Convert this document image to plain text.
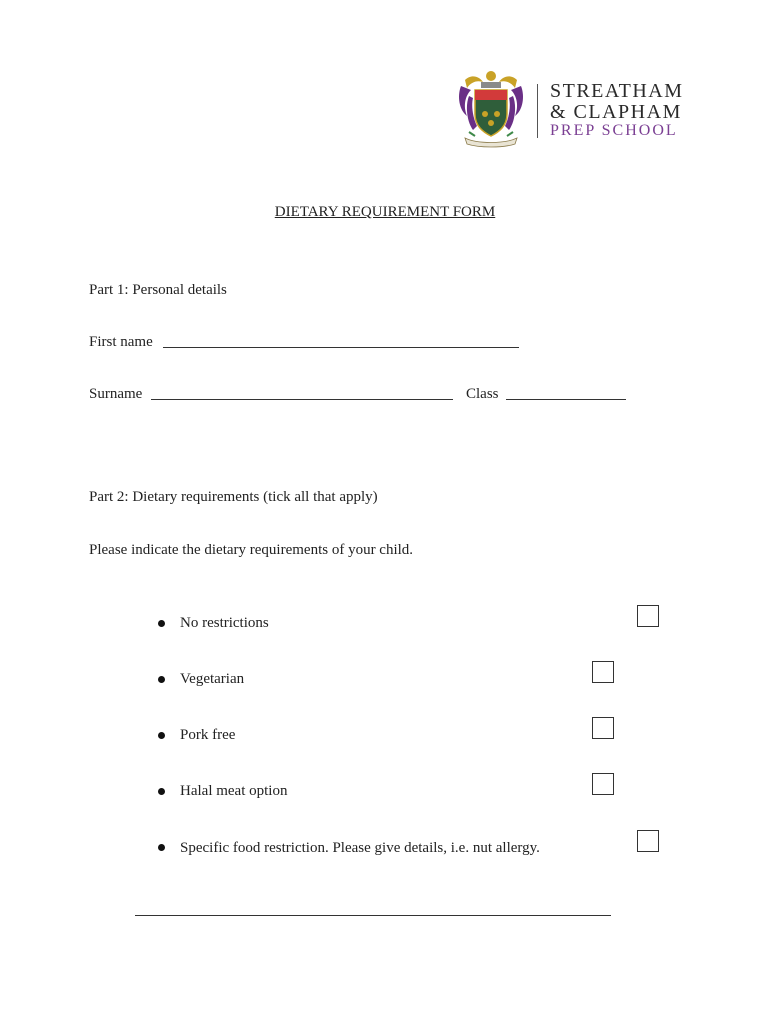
STREATHAM
& CLAPHAM
PREP SCHOOL
DIETARY REQUIREMENT FORM
Part 1: Personal details
First name
Surname	Class
Part 2: Dietary requirements (tick all that apply)
Please indicate the dietary requirements of your child.
No restrictions
Vegetarian
Pork free
Halal meat option
Specific food restriction. Please give details, i.e. nut allergy.
